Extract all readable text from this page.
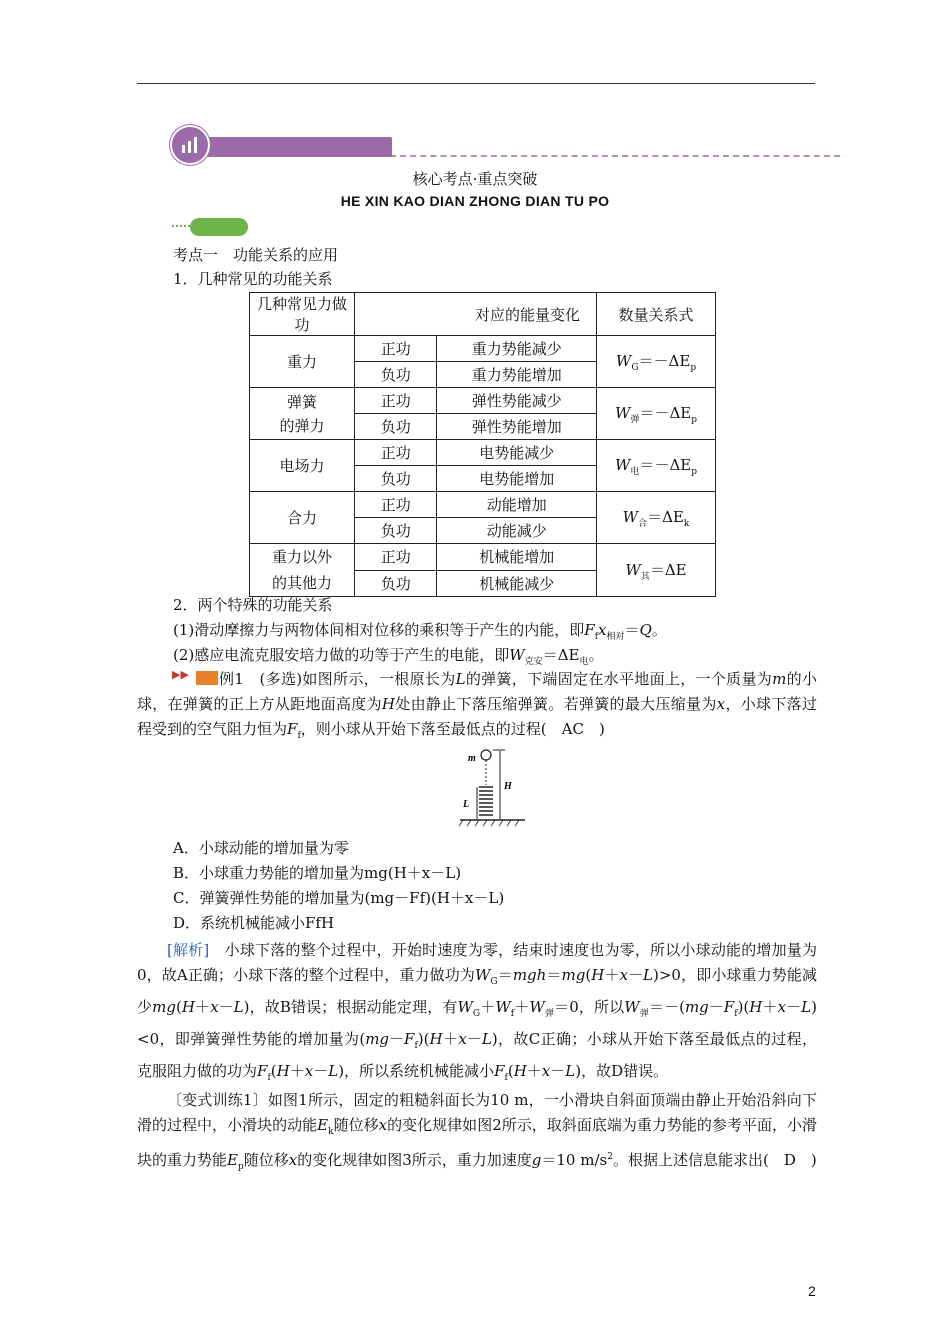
核心考点·重点突破
HE XIN KAO DIAN ZHONG DIAN TU PO
考点一　功能关系的应用
1．几种常见的功能关系
几种常见力做功	对应的能量变化		数量关系式
重力	正功	重力势能减少	$W_G=-\Delta E_p$
	负功	重力势能增加	
弹簧
的弹力	正功	弹性势能减少	$W_弹=-\Delta E_p$
	负功	弹性势能增加	
电场力	正功	电势能减少	$W_电=-\Delta E_p$
	负功	电势能增加	
合力	正功	动能增加	$W_合=\Delta E_k$
	负功	动能减少	
重力以外
的其他力	正功	机械能增加	$W_其=\Delta E$
	负功	机械能减少	
2．两个特殊的功能关系
(1)滑动摩擦力与两物体间相对位移的乘积等于产生的内能，即$F_fx_{相对}=Q$。
(2)感应电流克服安培力做的功等于产生的电能，即$W_{克安}=\Delta E_电$。
▶▶	例1　 (多选)如图所示，一根原长为L的弹簧，下端固定在水平地面上，一个质量为m的小球，在弹簧的正上方从距地面高度为H处由静止下落压缩弹簧。若弹簧的最大压缩量为x，小球下落过程受到的空气阻力恒为$F_f$，则小球从开始下落至最低点的过程(　AC　)
m
H
L
A．小球动能的增加量为零
B．小球重力势能的增加量为mg(H＋x－L)
C．弹簧弹性势能的增加量为(mg－Ff)(H＋x－L)
D．系统机械能减小FfH
[解析]　小球下落的整个过程中，开始时速度为零，结束时速度也为零，所以小球动能的增加量为0，故A正确；小球下落的整个过程中，重力做功为$W_G=mgh=mg(H+x-L)>0$，即小球重力势能减少mg(H＋x－L)，故B错误；根据动能定理，有$W_G+W_f+W_弹=0$，所以$W_弹=-(mg-F_f)(H+x-L)<0$，即弹簧弹性势能的增加量为$(mg-F_f)(H+x-L)$，故C正确；小球从开始下落至最低点的过程，克服阻力做的功为$F_f(H+x-L)$，所以系统机械能减小$F_f(H+x-L)$，故D错误。
〔变式训练1〕如图1所示，固定的粗糙斜面长为10 m，一小滑块自斜面顶端由静止开始沿斜向下滑的过程中，小滑块的动能$E_k$随位移x的变化规律如图2所示，取斜面底端为重力势能的参考平面，小滑块的重力势能$E_p$随位移x的变化规律如图3所示，重力加速度g＝10 $m/s^2$。根据上述信息能求出(　D　)
2
